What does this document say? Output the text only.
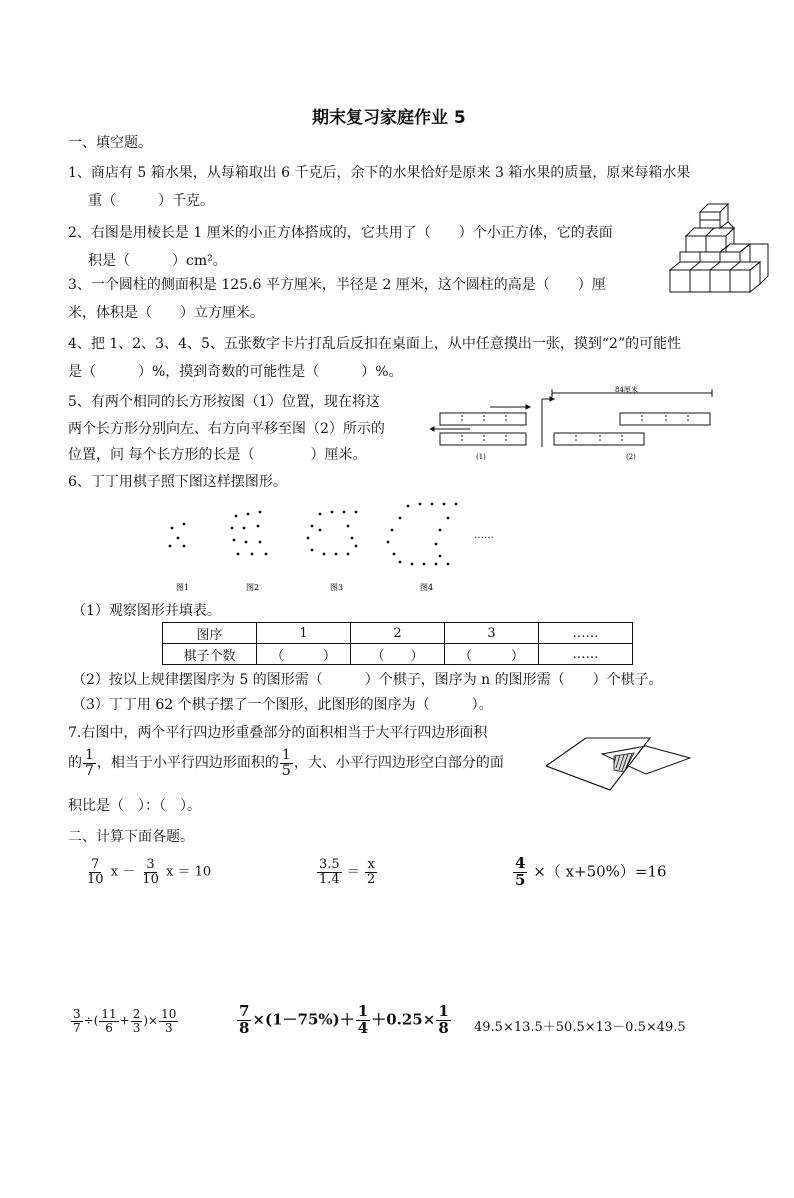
期末复习家庭作业 5
一、填空题。
1、商店有 5 箱水果，从每箱取出 6 千克后，余下的水果恰好是原来 3 箱水果的质量，原来每箱水果
重（　　　）千克。
2、右图是用棱长是 1 厘米的小正方体搭成的，它共用了（　　）个小正方体，它的表面
积是（　　　）cm²。
3、一个圆柱的侧面积是 125.6 平方厘米，半径是 2 厘米，这个圆柱的高是（　　）厘
米，体积是（　　）立方厘米。
4、把 1、2、3、4、5、五张数字卡片打乱后反扣在桌面上，从中任意摸出一张，摸到“2”的可能性
是（　　　）%，摸到奇数的可能性是（　　　）%。
5、有两个相同的长方形按图（1）位置，现在将这
两个长方形分别向左、右方向平移至图（2）所示的
位置，问 每个长方形的长是（　　　　）厘米。
84厘米
(1)	(2)
6、丁丁用棋子照下图这样摆图形。
……
图1	图2	图3	图4
（1）观察图形并填表。
图序	1	2	3	……
棋子个数	（　　　）	（　　）	（　　　）	……
（2）按以上规律摆图序为 5 的图形需（　　　）个棋子，图序为 n 的图形需（　　）个棋子。
（3）丁丁用 62 个棋子摆了一个图形，此图形的图序为（　　　）。
7.右图中，两个平行四边形重叠部分的面积相当于大平行四边形面积
的 $\frac{1}{7}$ ，相当于小平行四边形面积的 $\frac{1}{5}$ ，大、小平行四边形空白部分的面
积比是（　）：（　）。
二、计算下面各题。
$\frac{7}{10}$ $x - \frac{3}{10}$ x ＝ 10	$\frac{3.5}{1.4} = \frac{x}{2}$	$\frac{4}{5}$ ×（ x+50%）=16
$\frac{3}{7}$ ÷( $\frac{11}{6} + \frac{2}{3}$ )× $\frac{10}{3}$	$\frac{7}{8} \times(1-75\%)+ \frac{1}{4} +0.25\times \frac{1}{8} 49.5\times 13.5+50.5\times 13-0.5\times 49.5$
